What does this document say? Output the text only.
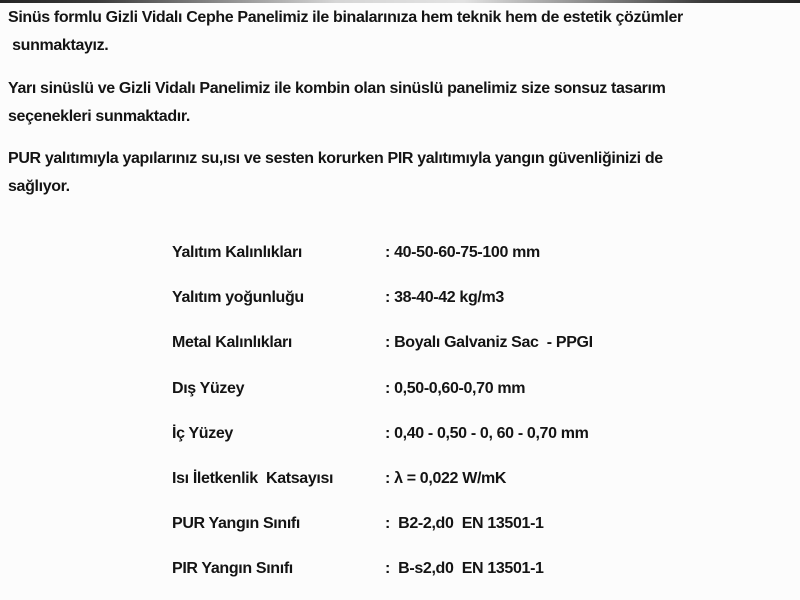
Sinüs formlu Gizli Vidalı Cephe Panelimiz ile binalarınıza hem teknik hem de estetik çözümler
sunmaktayız.
Yarı sinüslü ve Gizli Vidalı Panelimiz ile kombin olan sinüslü panelimiz size sonsuz tasarım
seçenekleri sunmaktadır.
PUR yalıtımıyla yapılarınız su,ısı ve sesten korurken PIR yalıtımıyla yangın güvenliğinizi de
sağlıyor.
Yalıtım Kalınlıkları	: 40-50-60-75-100 mm
Yalıtım yoğunluğu	: 38-40-42 kg/m3
Metal Kalınlıkları	: Boyalı Galvaniz Sac  - PPGI
Dış Yüzey	: 0,50-0,60-0,70 mm
İç Yüzey	: 0,40 - 0,50 - 0, 60 - 0,70 mm
Isı İletkenlik  Katsayısı	: λ = 0,022 W/mK
PUR Yangın Sınıfı	:  B2-2,d0  EN 13501-1
PIR Yangın Sınıfı	:  B-s2,d0  EN 13501-1
